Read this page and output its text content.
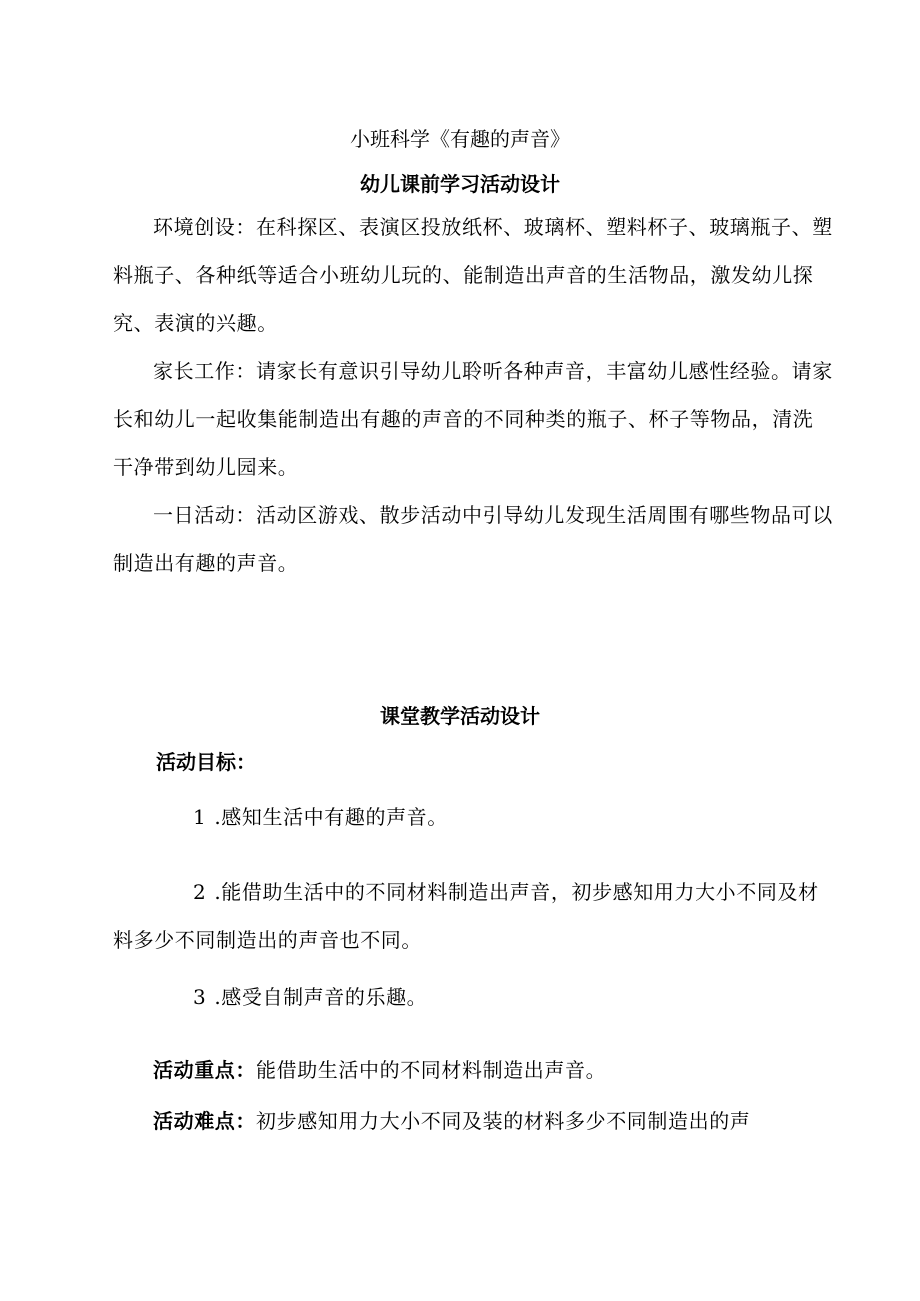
小班科学《有趣的声音》
幼儿课前学习活动设计
环境创设：在科探区、表演区投放纸杯、玻璃杯、塑料杯子、玻璃瓶子、塑料瓶子、各种纸等适合小班幼儿玩的、能制造出声音的生活物品，激发幼儿探究、表演的兴趣。
家长工作：请家长有意识引导幼儿聆听各种声音，丰富幼儿感性经验。请家长和幼儿一起收集能制造出有趣的声音的不同种类的瓶子、杯子等物品，清洗干净带到幼儿园来。
一日活动：活动区游戏、散步活动中引导幼儿发现生活周围有哪些物品可以制造出有趣的声音。
课堂教学活动设计
活动目标：
1 .感知生活中有趣的声音。
2 .能借助生活中的不同材料制造出声音，初步感知用力大小不同及材料多少不同制造出的声音也不同。
3 .感受自制声音的乐趣。
活动重点：能借助生活中的不同材料制造出声音。
活动难点：初步感知用力大小不同及装的材料多少不同制造出的声
